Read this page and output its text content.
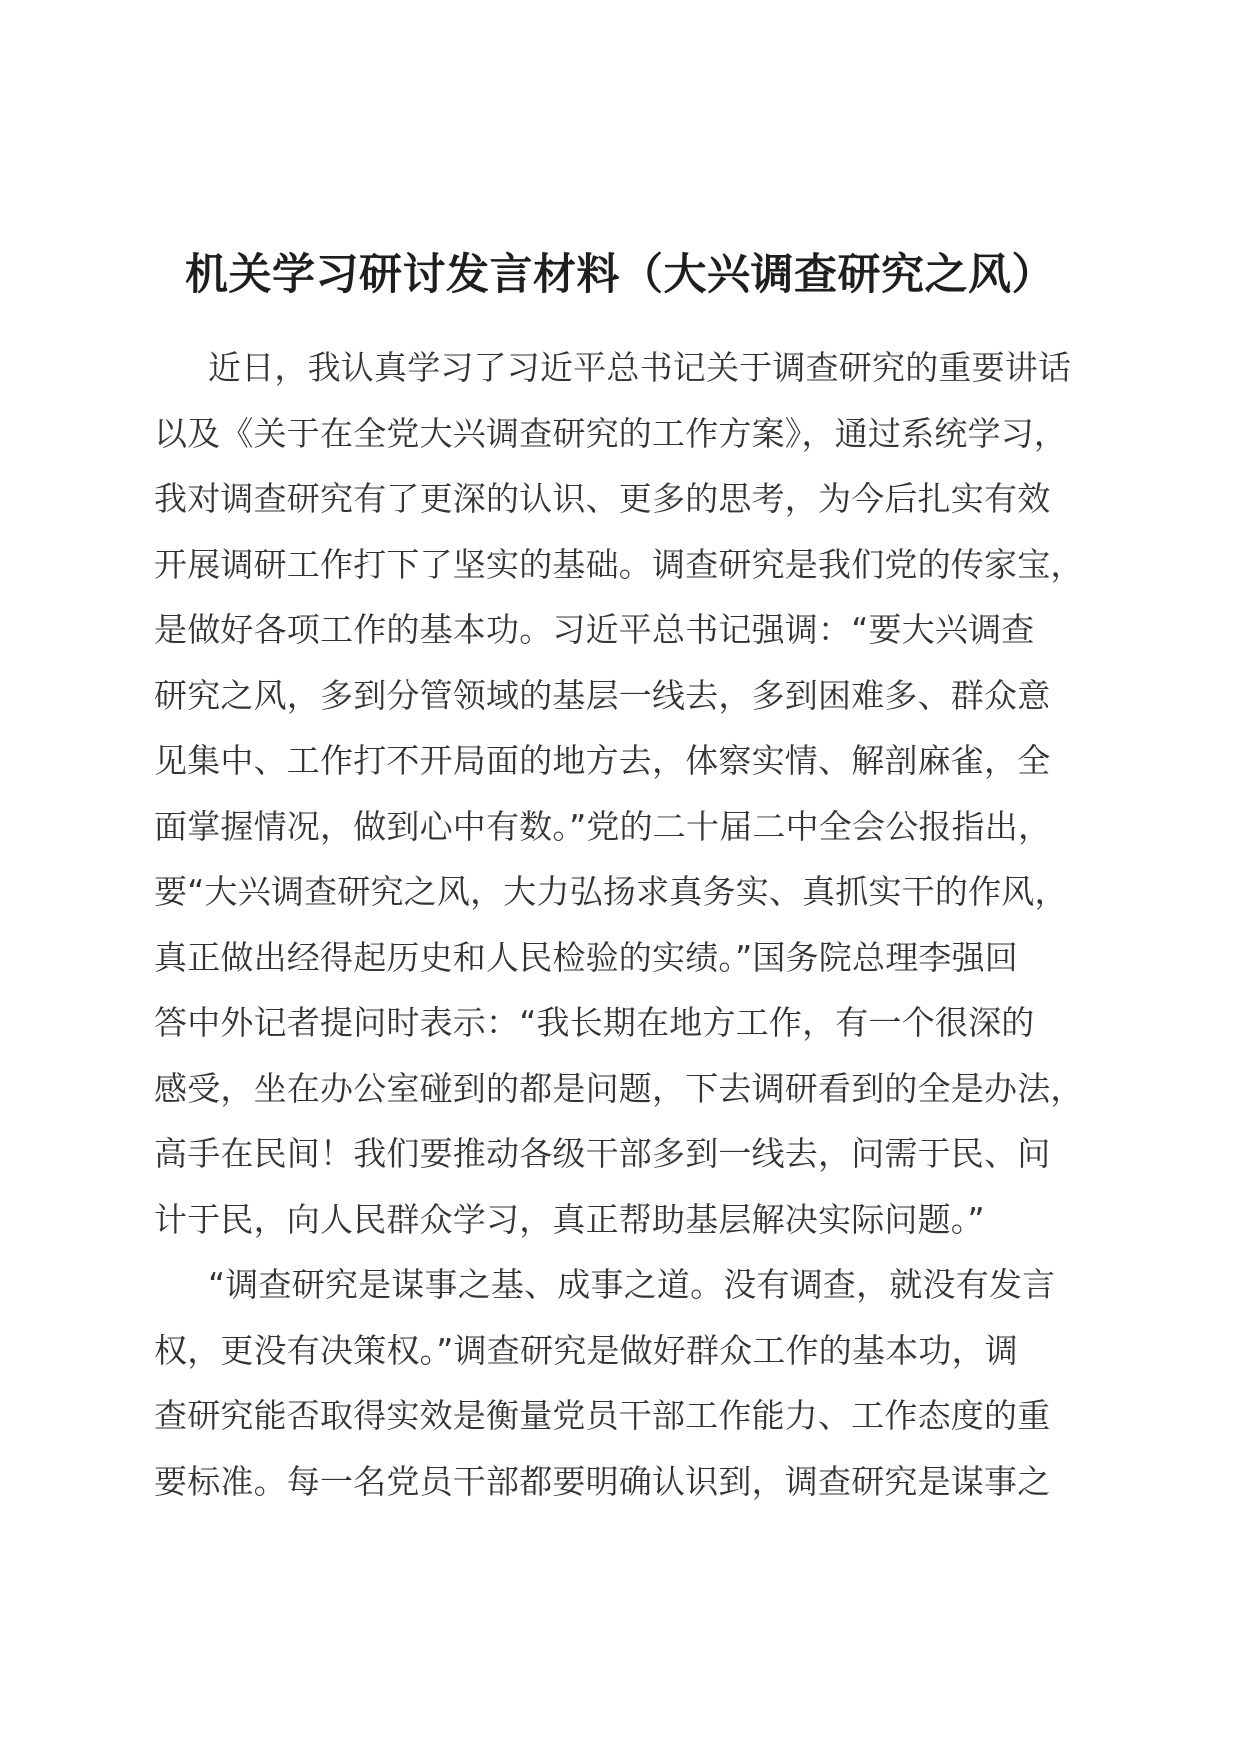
机关学习研讨发言材料（大兴调查研究之风）

近日，我认真学习了习近平总书记关于调查研究的重要讲话
以及《关于在全党大兴调查研究的工作方案》，通过系统学习，
我对调查研究有了更深的认识、更多的思考，为今后扎实有效
开展调研工作打下了坚实的基础。调查研究是我们党的传家宝，
是做好各项工作的基本功。习近平总书记强调：“要大兴调查
研究之风，多到分管领域的基层一线去，多到困难多、群众意
见集中、工作打不开局面的地方去，体察实情、解剖麻雀，全
面掌握情况，做到心中有数。”党的二十届二中全会公报指出，
要“大兴调查研究之风，大力弘扬求真务实、真抓实干的作风，
真正做出经得起历史和人民检验的实绩。”国务院总理李强回
答中外记者提问时表示：“我长期在地方工作，有一个很深的
感受，坐在办公室碰到的都是问题，下去调研看到的全是办法，
高手在民间！我们要推动各级干部多到一线去，问需于民、问
计于民，向人民群众学习，真正帮助基层解决实际问题。”

“调查研究是谋事之基、成事之道。没有调查，就没有发言
权，更没有决策权。”调查研究是做好群众工作的基本功，调
查研究能否取得实效是衡量党员干部工作能力、工作态度的重
要标准。每一名党员干部都要明确认识到，调查研究是谋事之
